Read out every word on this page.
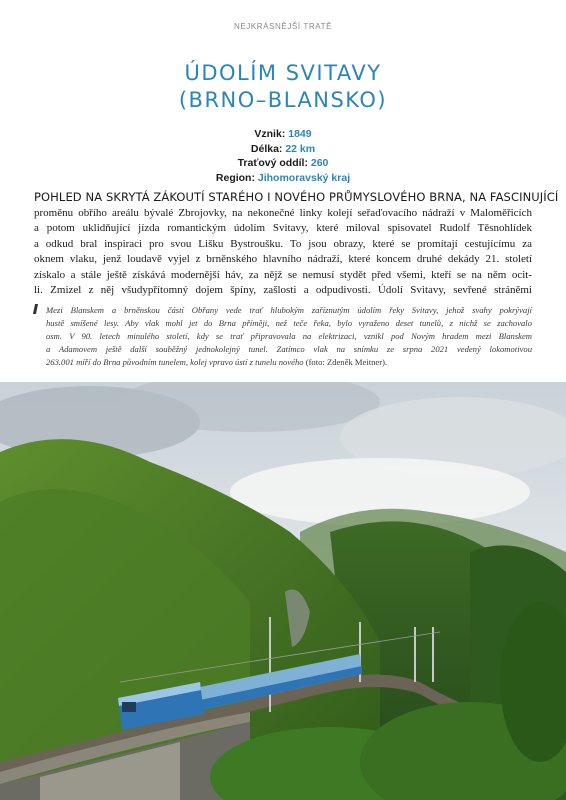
NEJKRÁSNĚJŠÍ TRATĚ
ÚDOLÍM SVITAVY
(BRNO–BLANSKO)
Vznik: 1849
Délka: 22 km
Traťový oddíl: 260
Region: Jihomoravský kraj
POHLED NA SKRYTÁ ZÁKOUTÍ STARÉHO I NOVÉHO PRŮMYSLOVÉHO BRNA, NA FASCINUJÍCÍ
proměnu obřího areálu bývalé Zbrojovky, na nekonečné linky kolejí seřaďovacího nádraží v Maloměřicích
a potom uklidňující jízda romantickým údolím Svitavy, které miloval spisovatel Rudolf Těsnohlídek
a odkud bral inspiraci pro svou Lišku Bystroušku. To jsou obrazy, které se promítají cestujícímu za
oknem vlaku, jenž loudavě vyjel z brněnského hlavního nádraží, které koncem druhé dekády 21. století
získalo a stále ještě získává modernější háv, za nějž se nemusí stydět před všemi, kteří se na něm ocit-
li. Zmizel z něj všudypřítomný dojem špíny, zašlosti a odpudivosti. Údolí Svitavy, sevřené stráněmi
Mezi Blanskem a brněnskou částí Obřany vede trať hlubokým zaříznutým údolím řeky Svitavy, jehož svahy pokrývají
hustě smíšené lesy. Aby vlak mohl jet do Brna příměji, než teče řeka, bylo vyraženo deset tunelů, z nichž se zachovalo
osm. V 90. letech minulého století, kdy se trať připravovala na elektrizaci, vznikl pod Novým hradem mezi Blanskem
a Adamovem ještě další souběžný jednokolejný tunel. Zatímco vlak na snímku ze srpna 2021 vedený lokomotivou
263.001 míří do Brna původním tunelem, kolej vpravo ústí z tunelu nového (foto: Zdeněk Meitner).
